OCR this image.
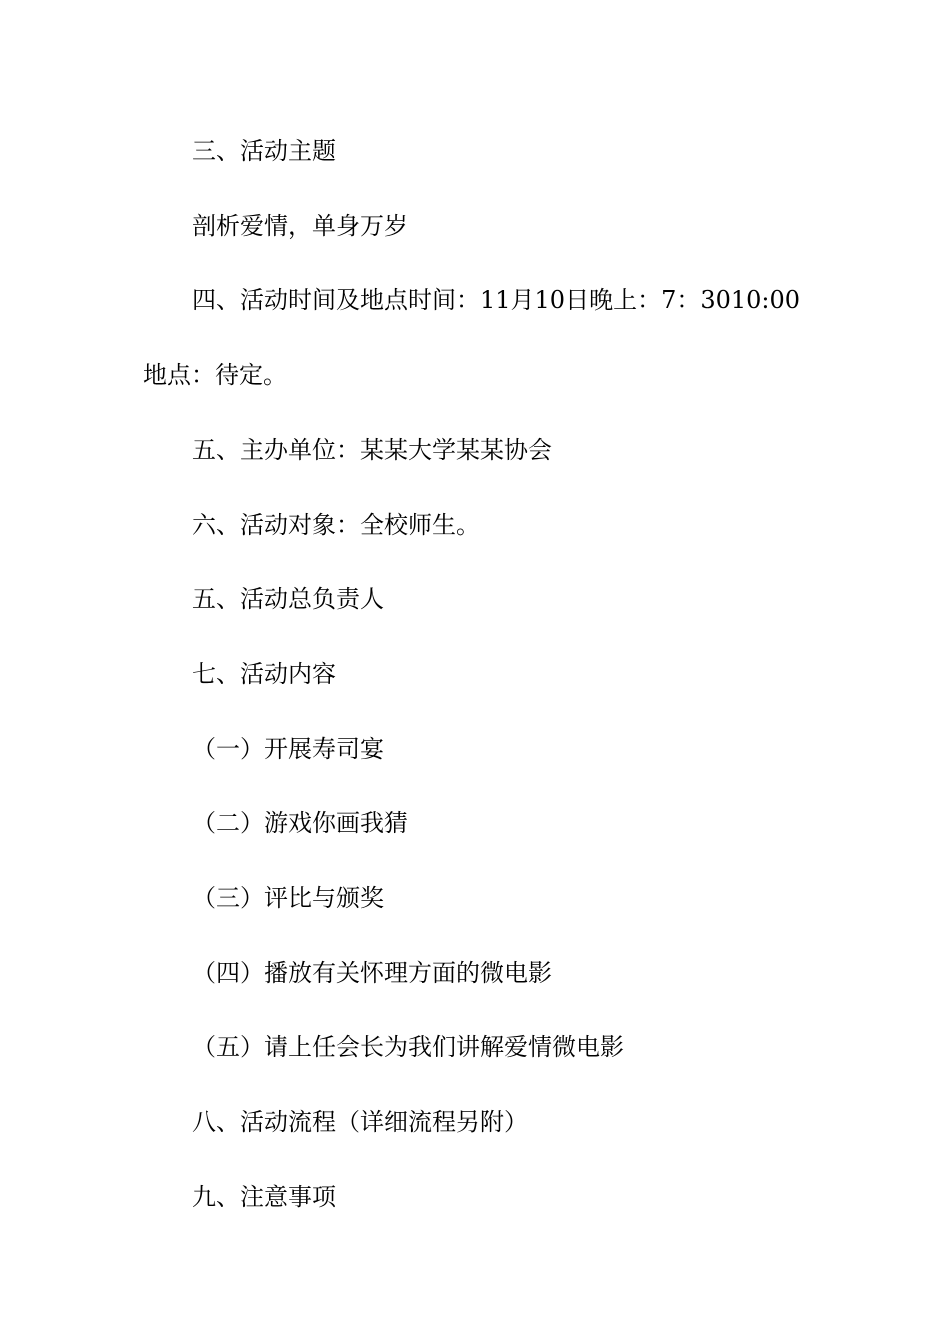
三、活动主题
剖析爱情，单身万岁
四、活动时间及地点时间：11月10日晚上：7：3010:00
地点：待定。
五、主办单位：某某大学某某协会
六、活动对象：全校师生。
五、活动总负责人
七、活动内容
（一）开展寿司宴
（二）游戏你画我猜
（三）评比与颁奖
（四）播放有关怀理方面的微电影
（五）请上任会长为我们讲解爱情微电影
八、活动流程（详细流程另附）
九、注意事项
